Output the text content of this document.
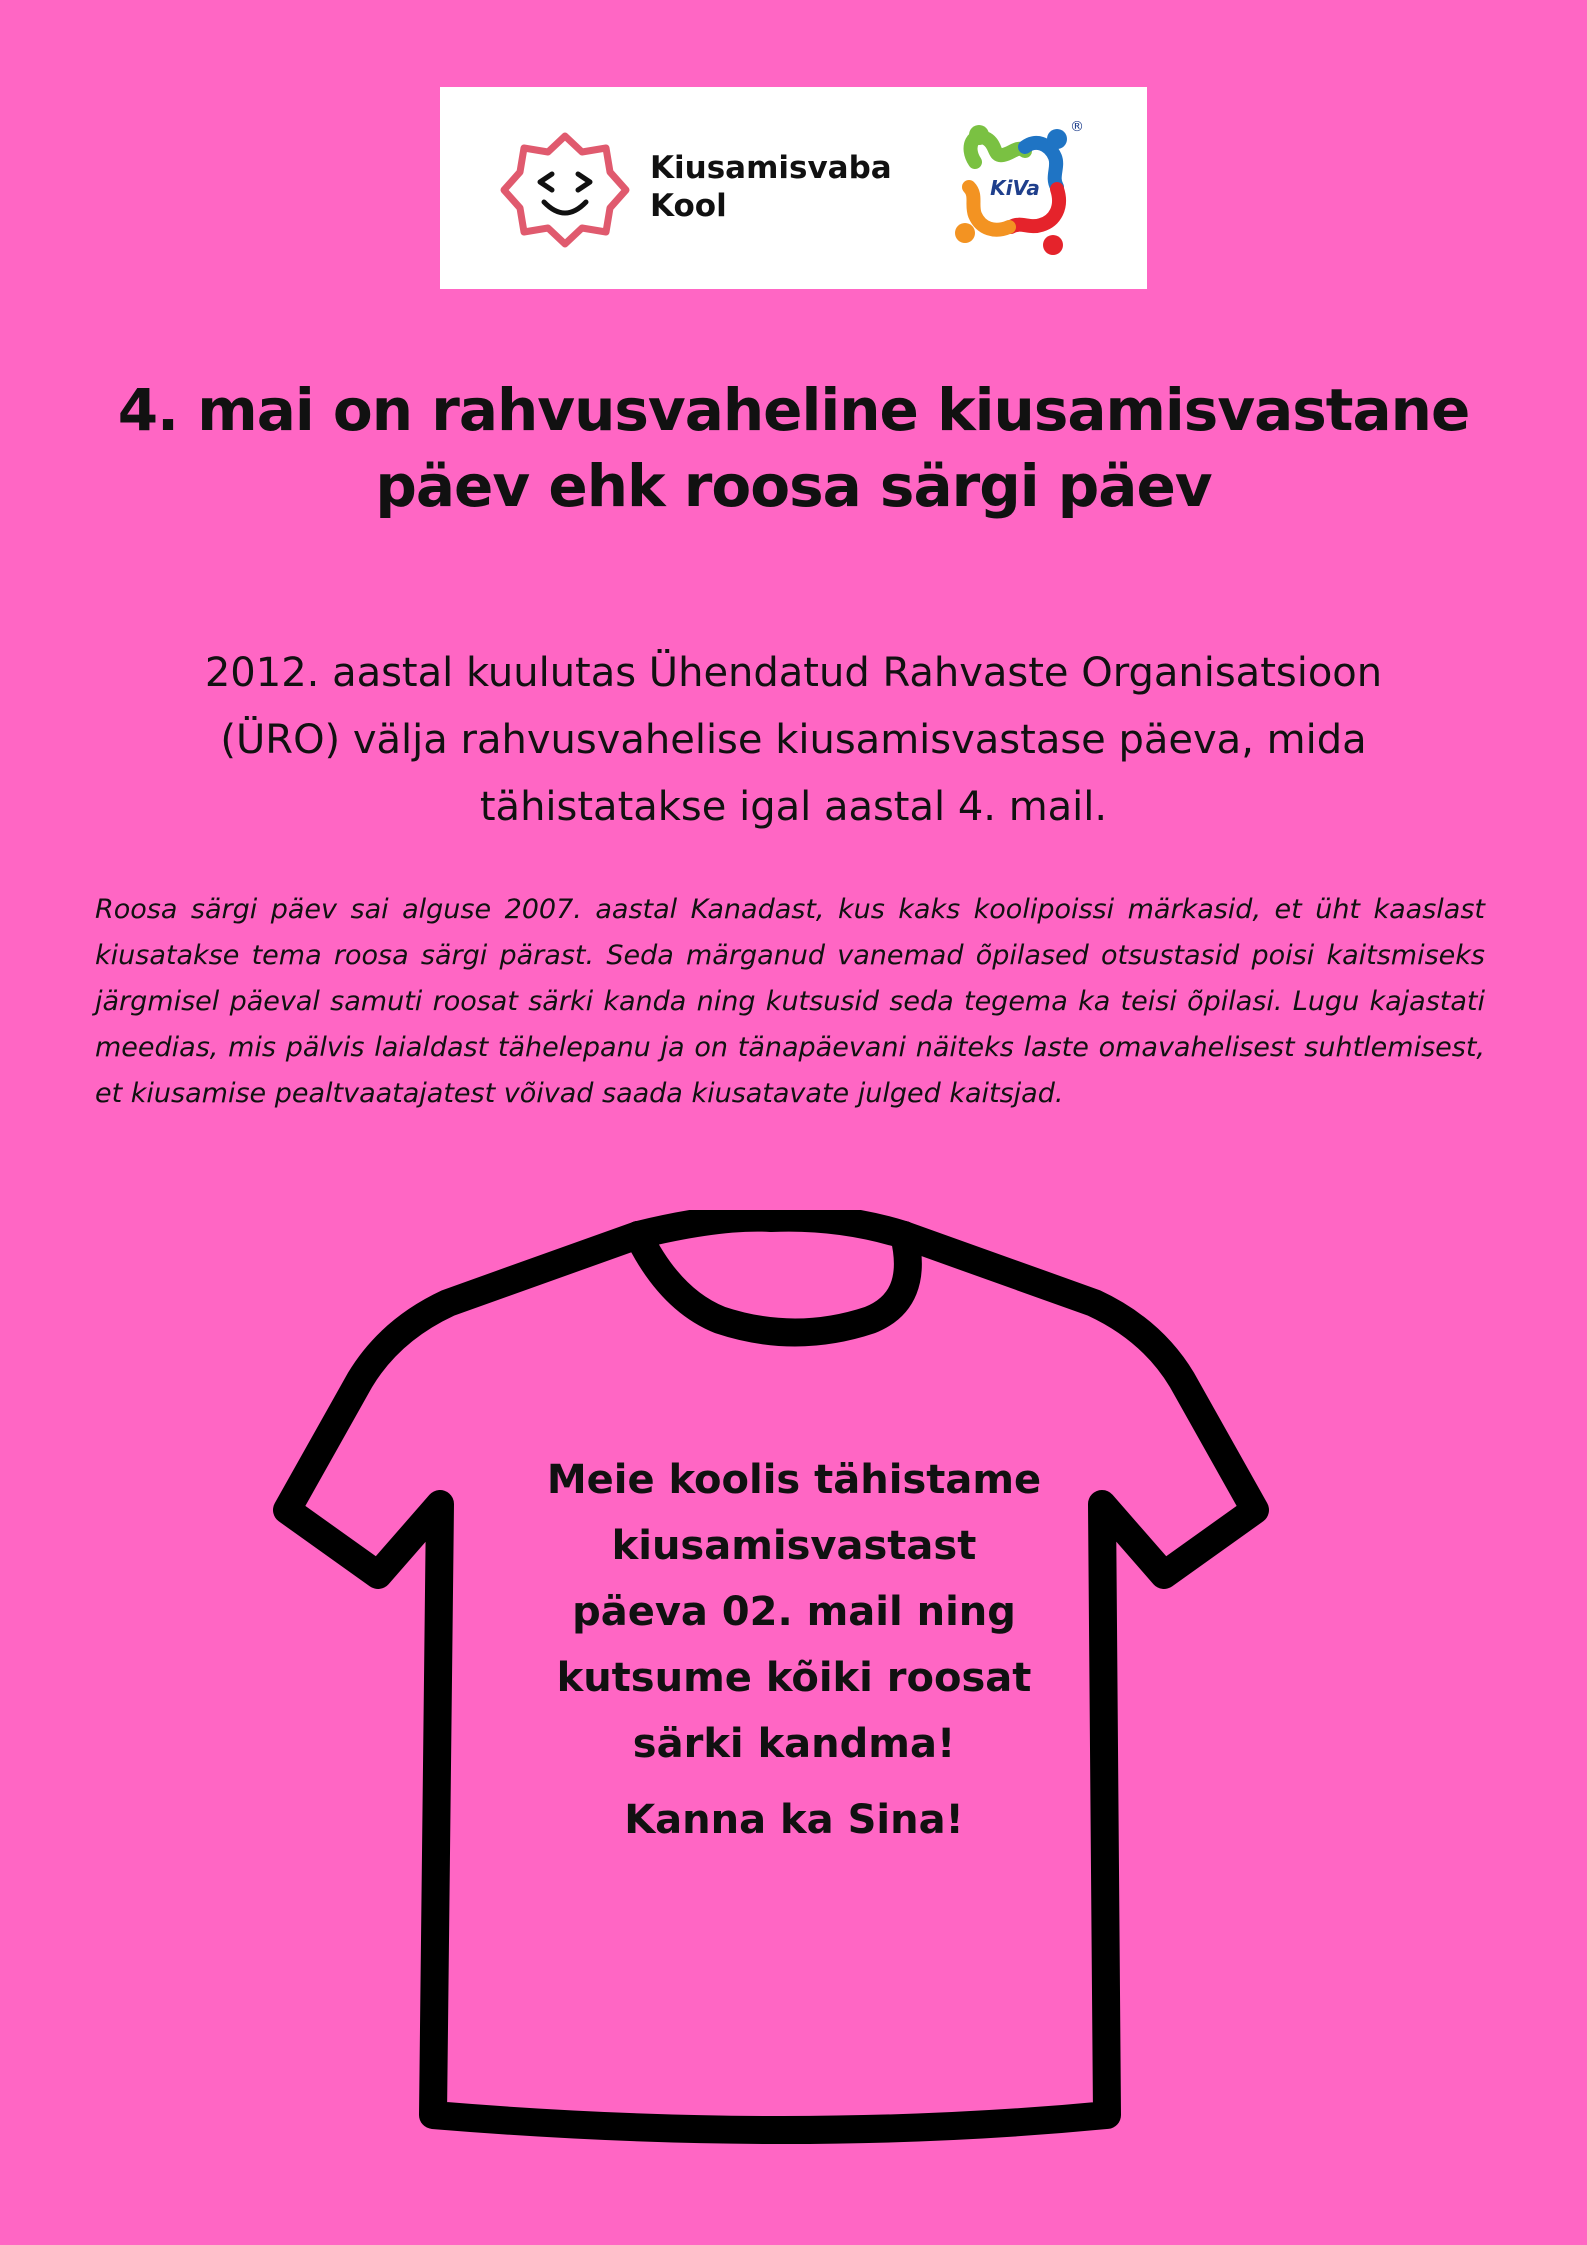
Kiusamisvaba
Kool	KiVa
®
4. mai on rahvusvaheline kiusamisvastane
päev ehk roosa särgi päev
2012. aastal kuulutas Ühendatud Rahvaste Organisatsioon
(ÜRO) välja rahvusvahelise kiusamisvastase päeva, mida
tähistatakse igal aastal 4. mail.

Roosa särgi päev sai alguse 2007. aastal Kanadast, kus kaks koolipoissi märkasid, et üht kaaslast kiusatakse tema roosa särgi pärast. Seda märganud vanemad õpilased otsustasid poisi kaitsmiseks järgmisel päeval samuti roosat särki kanda ning kutsusid seda tegema ka teisi õpilasi. Lugu kajastati meedias, mis pälvis laialdast tähelepanu ja on tänapäevani näiteks laste omavahelisest suhtlemisest, et kiusamise pealtvaatajatest võivad saada kiusatavate julged kaitsjad.

Meie koolis tähistame

kiusamisvastast

päeva 02. mail ning

kutsume kõiki roosat

särki kandma!

Kanna ka Sina!
